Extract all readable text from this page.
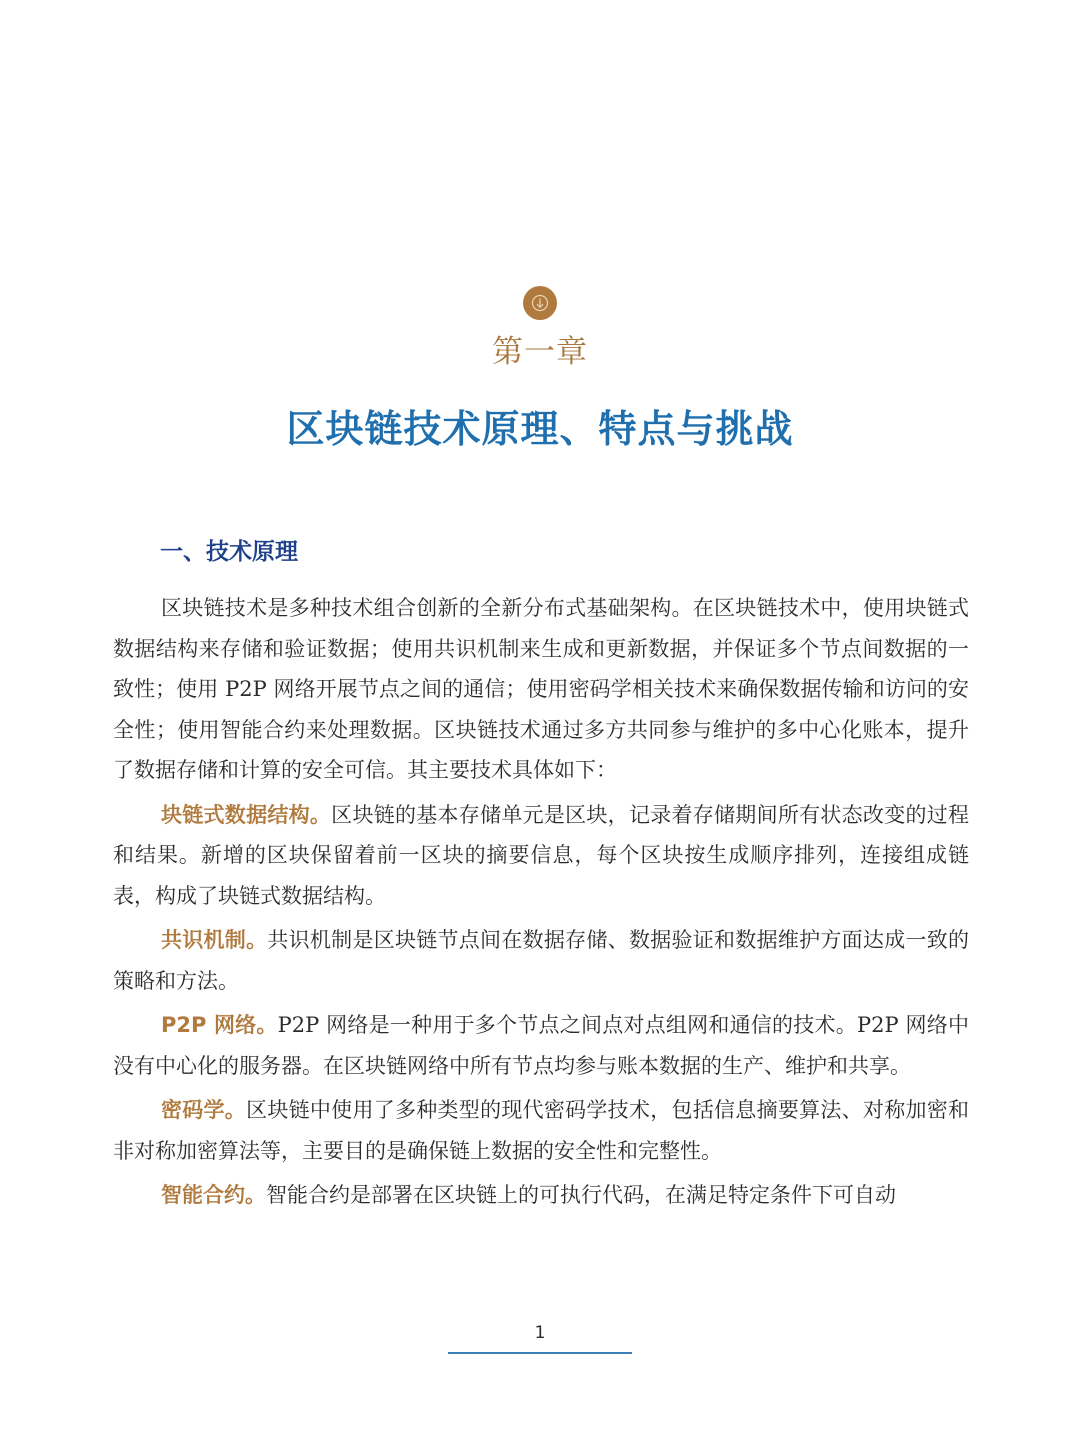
第一章
区块链技术原理、特点与挑战
一、技术原理

区块链技术是多种技术组合创新的全新分布式基础架构。在区块链技术中，使用块链式数据结构来存储和验证数据；使用共识机制来生成和更新数据，并保证多个节点间数据的一致性；使用 P2P 网络开展节点之间的通信；使用密码学相关技术来确保数据传输和访问的安全性；使用智能合约来处理数据。区块链技术通过多方共同参与维护的多中心化账本，提升了数据存储和计算的安全可信。其主要技术具体如下：

块链式数据结构。区块链的基本存储单元是区块，记录着存储期间所有状态改变的过程和结果。新增的区块保留着前一区块的摘要信息，每个区块按生成顺序排列，连接组成链表，构成了块链式数据结构。

共识机制。共识机制是区块链节点间在数据存储、数据验证和数据维护方面达成一致的策略和方法。

P2P 网络。P2P 网络是一种用于多个节点之间点对点组网和通信的技术。P2P 网络中没有中心化的服务器。在区块链网络中所有节点均参与账本数据的生产、维护和共享。

密码学。区块链中使用了多种类型的现代密码学技术，包括信息摘要算法、对称加密和非对称加密算法等，主要目的是确保链上数据的安全性和完整性。

智能合约。智能合约是部署在区块链上的可执行代码，在满足特定条件下可自动

1
